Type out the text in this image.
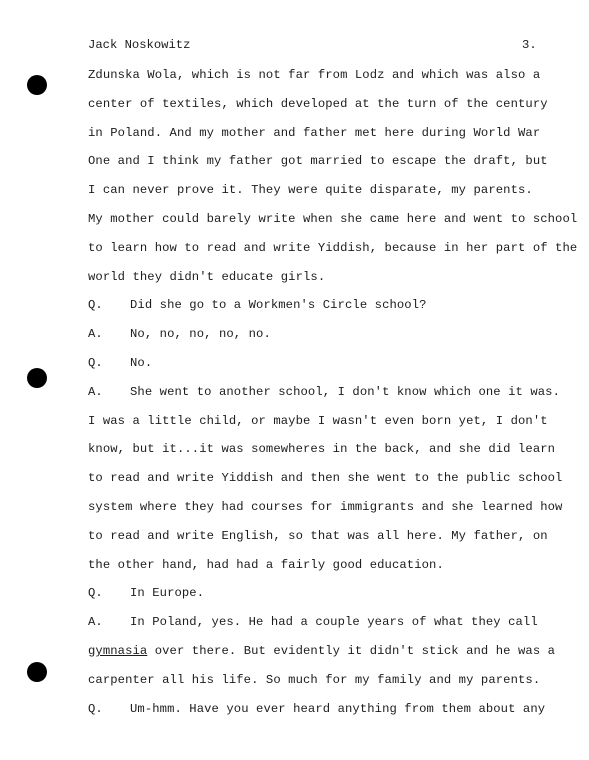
Jack Noskowitz	3.
Zdunska Wola, which is not far from Lodz and which was also a
center of textiles, which developed at the turn of the century
in Poland. And my mother and father met here during World War
One and I think my father got married to escape the draft, but
I can never prove it. They were quite disparate, my parents.
My mother could barely write when she came here and went to school
to learn how to read and write Yiddish, because in her part of the
world they didn't educate girls.
Q. Did she go to a Workmen's Circle school?
A. No, no, no, no, no.
Q. No.
A. She went to another school, I don't know which one it was.
I was a little child, or maybe I wasn't even born yet, I don't
know, but it...it was somewheres in the back, and she did learn
to read and write Yiddish and then she went to the public school
system where they had courses for immigrants and she learned how
to read and write English, so that was all here. My father, on
the other hand, had had a fairly good education.
Q. In Europe.
A. In Poland, yes. He had a couple years of what they call
gymnasia over there. But evidently it didn't stick and he was a
carpenter all his life. So much for my family and my parents.
Q. Um-hmm. Have you ever heard anything from them about any
